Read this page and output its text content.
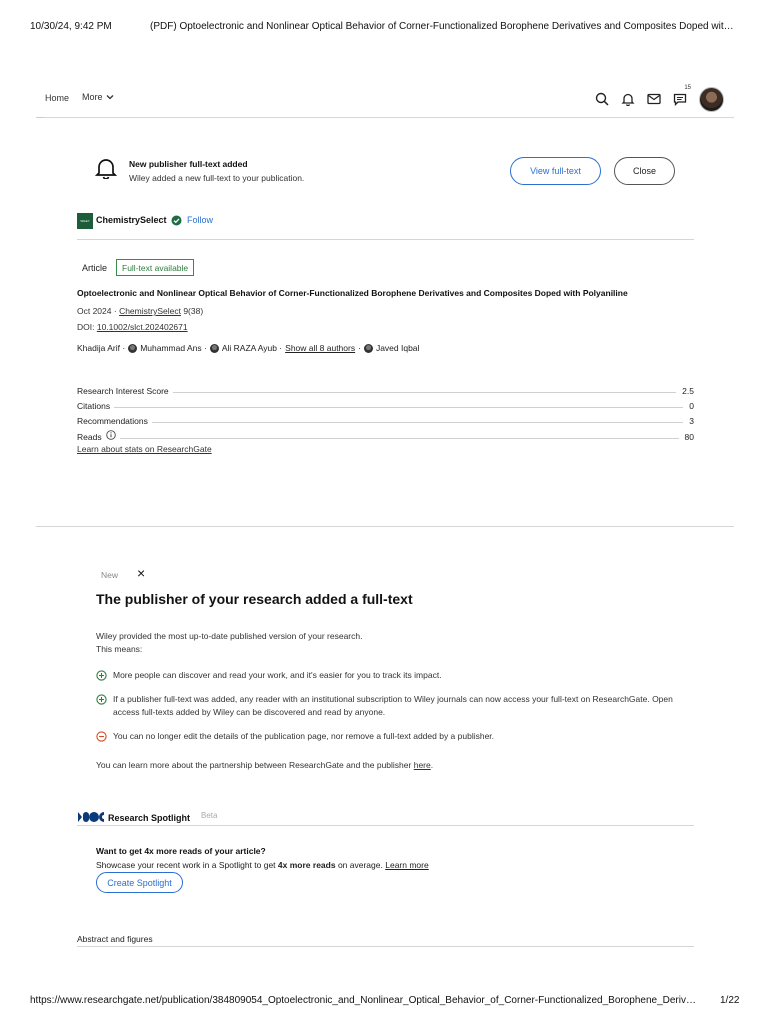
10/30/24, 9:42 PM	(PDF) Optoelectronic and Nonlinear Optical Behavior of Corner-Functionalized Borophene Derivatives and Composites Doped wit…
Home More
15
New publisher full-text added
Wiley added a new full-text to your publication.
View full-text	Close
WILEY ChemistrySelect Follow
Article	Full-text available
Optoelectronic and Nonlinear Optical Behavior of Corner-Functionalized Borophene Derivatives and Composites Doped with Polyaniline
Oct 2024 · ChemistrySelect 9(38)
DOI: 10.1002/slct.202402671
Khadija Arif · Muhammad Ans · Ali RAZA Ayub · Show all 8 authors · Javed Iqbal
Research Interest Score	2.5
Citations	0
Recommendations	3
Reads	80
Learn about stats on ResearchGate
New ×
The publisher of your research added a full-text
Wiley provided the most up-to-date published version of your research.
This means:
More people can discover and read your work, and it's easier for you to track its impact.
If a publisher full-text was added, any reader with an institutional subscription to Wiley journals can now access your full-text on ResearchGate. Open access full-texts added by Wiley can be discovered and read by anyone.
You can no longer edit the details of the publication page, nor remove a full-text added by a publisher.
You can learn more about the partnership between ResearchGate and the publisher here.
Research Spotlight Beta
Want to get 4x more reads of your article?
Showcase your recent work in a Spotlight to get 4x more reads on average. Learn more
Create Spotlight
Abstract and figures
https://www.researchgate.net/publication/384809054_Optoelectronic_and_Nonlinear_Optical_Behavior_of_Corner-Functionalized_Borophene_Deriv…	1/22
